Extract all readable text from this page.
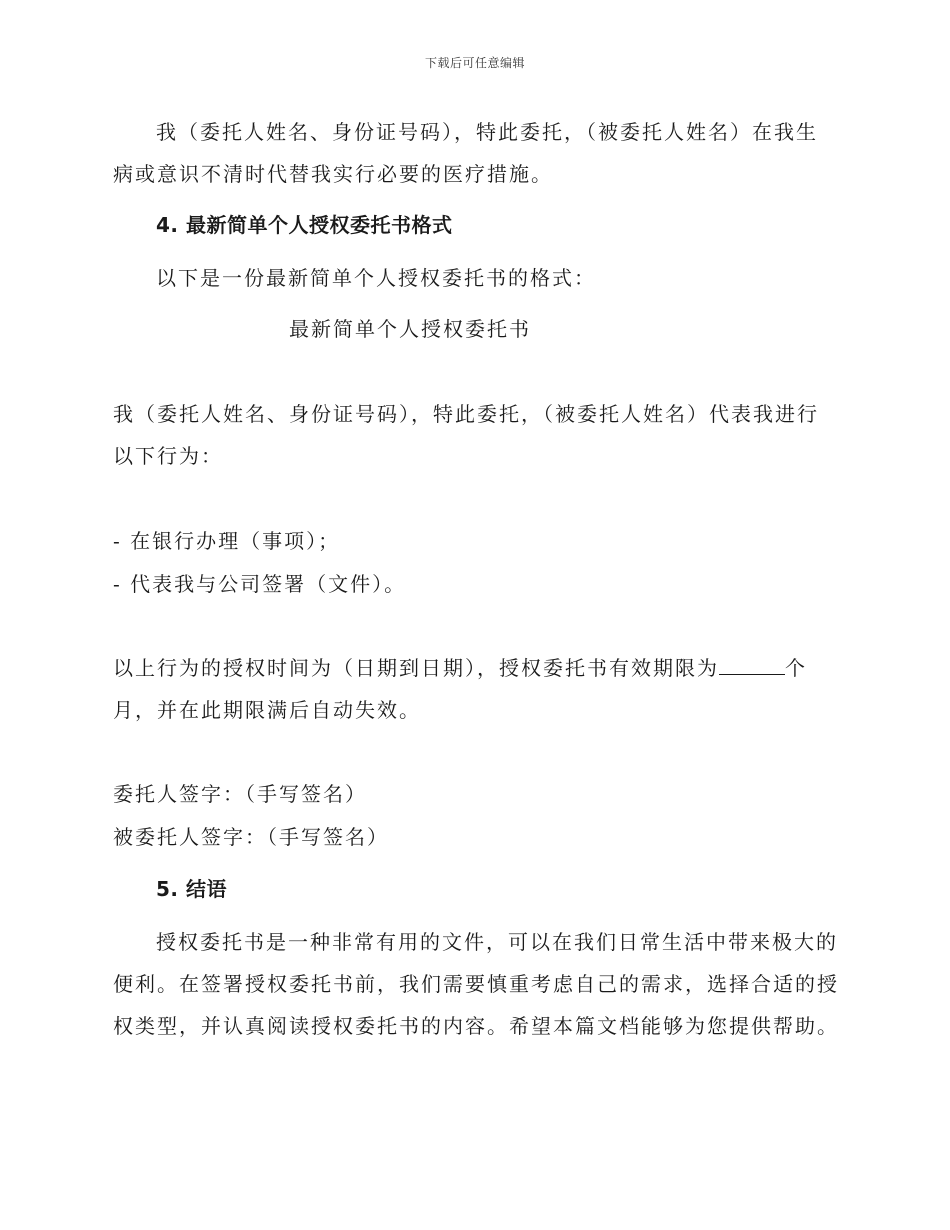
下载后可任意编辑
我（委托人姓名、身份证号码），特此委托，（被委托人姓名）在我生
病或意识不清时代替我实行必要的医疗措施。
4. 最新简单个人授权委托书格式
以下是一份最新简单个人授权委托书的格式：
最新简单个人授权委托书
我（委托人姓名、身份证号码），特此委托，（被委托人姓名）代表我进行
以下行为：
- 在银行办理（事项）；
- 代表我与公司签署（文件）。
以上行为的授权时间为（日期到日期），授权委托书有效期限为	个
月，并在此期限满后自动失效。
委托人签字：（手写签名）
被委托人签字：（手写签名）
5. 结语
授权委托书是一种非常有用的文件，可以在我们日常生活中带来极大的
便利。在签署授权委托书前，我们需要慎重考虑自己的需求，选择合适的授
权类型，并认真阅读授权委托书的内容。希望本篇文档能够为您提供帮助。
